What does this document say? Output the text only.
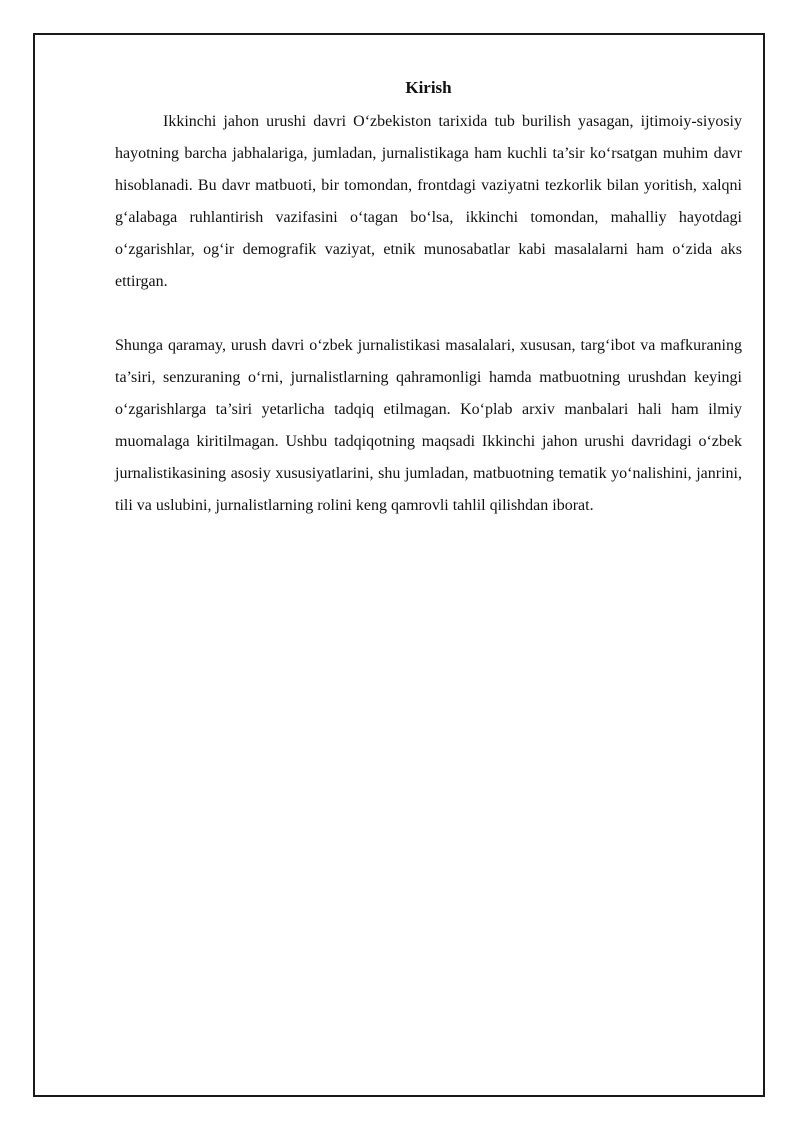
Kirish

Ikkinchi jahon urushi davri O‘zbekiston tarixida tub burilish yasagan, ijtimoiy-siyosiy hayotning barcha jabhalariga, jumladan, jurnalistikaga ham kuchli ta’sir ko‘rsatgan muhim davr hisoblanadi. Bu davr matbuoti, bir tomondan, frontdagi vaziyatni tezkorlik bilan yoritish, xalqni g‘alabaga ruhlantirish vazifasini o‘tagan bo‘lsa, ikkinchi tomondan, mahalliy hayotdagi o‘zgarishlar, og‘ir demografik vaziyat, etnik munosabatlar kabi masalalarni ham o‘zida aks ettirgan.

Shunga qaramay, urush davri o‘zbek jurnalistikasi masalalari, xususan, targ‘ibot va mafkuraning ta’siri, senzuraning o‘rni, jurnalistlarning qahramonligi hamda matbuotning urushdan keyingi o‘zgarishlarga ta’siri yetarlicha tadqiq etilmagan. Ko‘plab arxiv manbalari hali ham ilmiy muomalaga kiritilmagan. Ushbu tadqiqotning maqsadi Ikkinchi jahon urushi davridagi o‘zbek jurnalistikasining asosiy xususiyatlarini, shu jumladan, matbuotning tematik yo‘nalishini, janrini, tili va uslubini, jurnalistlarning rolini keng qamrovli tahlil qilishdan iborat.
